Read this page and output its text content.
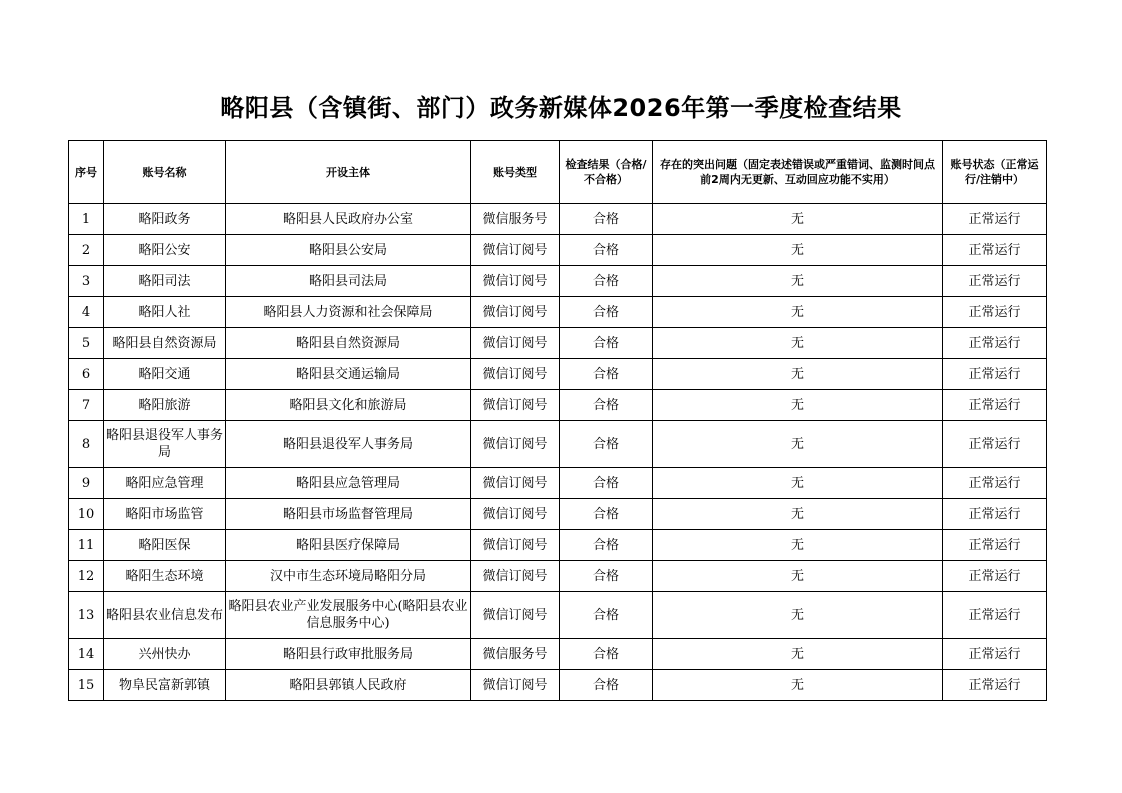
略阳县（含镇街、部门）政务新媒体2026年第一季度检查结果
序号	账号名称	开设主体	账号类型	检查结果（合格/不合格）	存在的突出问题（固定表述错误或严重错词、监测时间点前2周内无更新、互动回应功能不实用）	账号状态（正常运行/注销中）
1	略阳政务	略阳县人民政府办公室	微信服务号	合格	无	正常运行
2	略阳公安	略阳县公安局	微信订阅号	合格	无	正常运行
3	略阳司法	略阳县司法局	微信订阅号	合格	无	正常运行
4	略阳人社	略阳县人力资源和社会保障局	微信订阅号	合格	无	正常运行
5	略阳县自然资源局	略阳县自然资源局	微信订阅号	合格	无	正常运行
6	略阳交通	略阳县交通运输局	微信订阅号	合格	无	正常运行
7	略阳旅游	略阳县文化和旅游局	微信订阅号	合格	无	正常运行
8	略阳县退役军人事务局	略阳县退役军人事务局	微信订阅号	合格	无	正常运行
9	略阳应急管理	略阳县应急管理局	微信订阅号	合格	无	正常运行
10	略阳市场监管	略阳县市场监督管理局	微信订阅号	合格	无	正常运行
11	略阳医保	略阳县医疗保障局	微信订阅号	合格	无	正常运行
12	略阳生态环境	汉中市生态环境局略阳分局	微信订阅号	合格	无	正常运行
13	略阳县农业信息发布	略阳县农业产业发展服务中心(略阳县农业信息服务中心)	微信订阅号	合格	无	正常运行
14	兴州快办	略阳县行政审批服务局	微信服务号	合格	无	正常运行
15	物阜民富新郭镇	略阳县郭镇人民政府	微信订阅号	合格	无	正常运行
